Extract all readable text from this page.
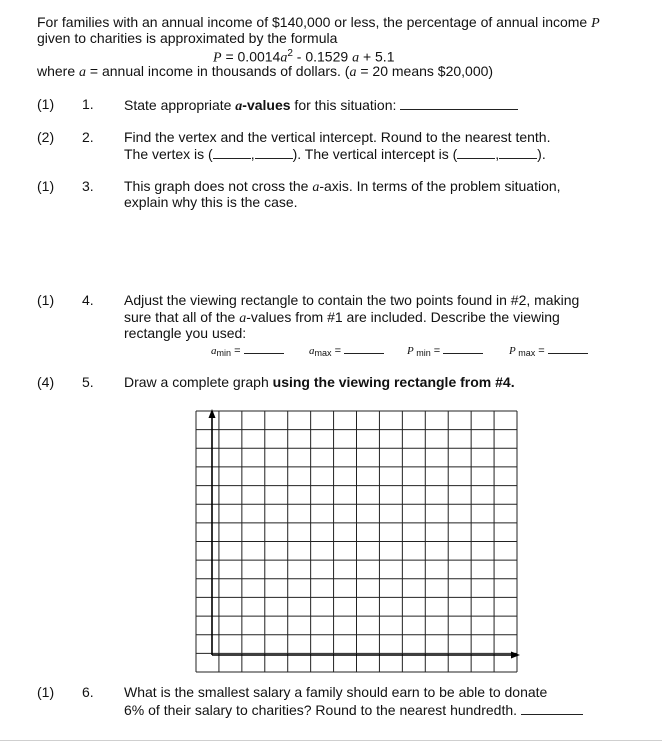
For families with an annual income of $140,000 or less, the percentage of annual income P
given to charities is approximated by the formula
$P = 0.0014a^2 - 0.1529$ a + 5.1
where a = annual income in thousands of dollars. (a = 20 means $20,000)
(1) 1. State appropriate a-values for this situation:
(2) 2. Find the vertex and the vertical intercept. Round to the nearest tenth.
The vertex is (	,	). The vertical intercept is (	,	).
(1) 3. This graph does not cross the a-axis. In terms of the problem situation,
explain why this is the case.
(1) 4. Adjust the viewing rectangle to contain the two points found in #2, making
sure that all of the a-values from #1 are included. Describe the viewing
rectangle you used:
$a_{min}$ =	$a_{max}$ =	P $_{min}$ =	P $_{max}$ =
(4) 5. Draw a complete graph using the viewing rectangle from #4.
(1) 6. What is the smallest salary a family should earn to be able to donate
6% of their salary to charities? Round to the nearest hundredth.
